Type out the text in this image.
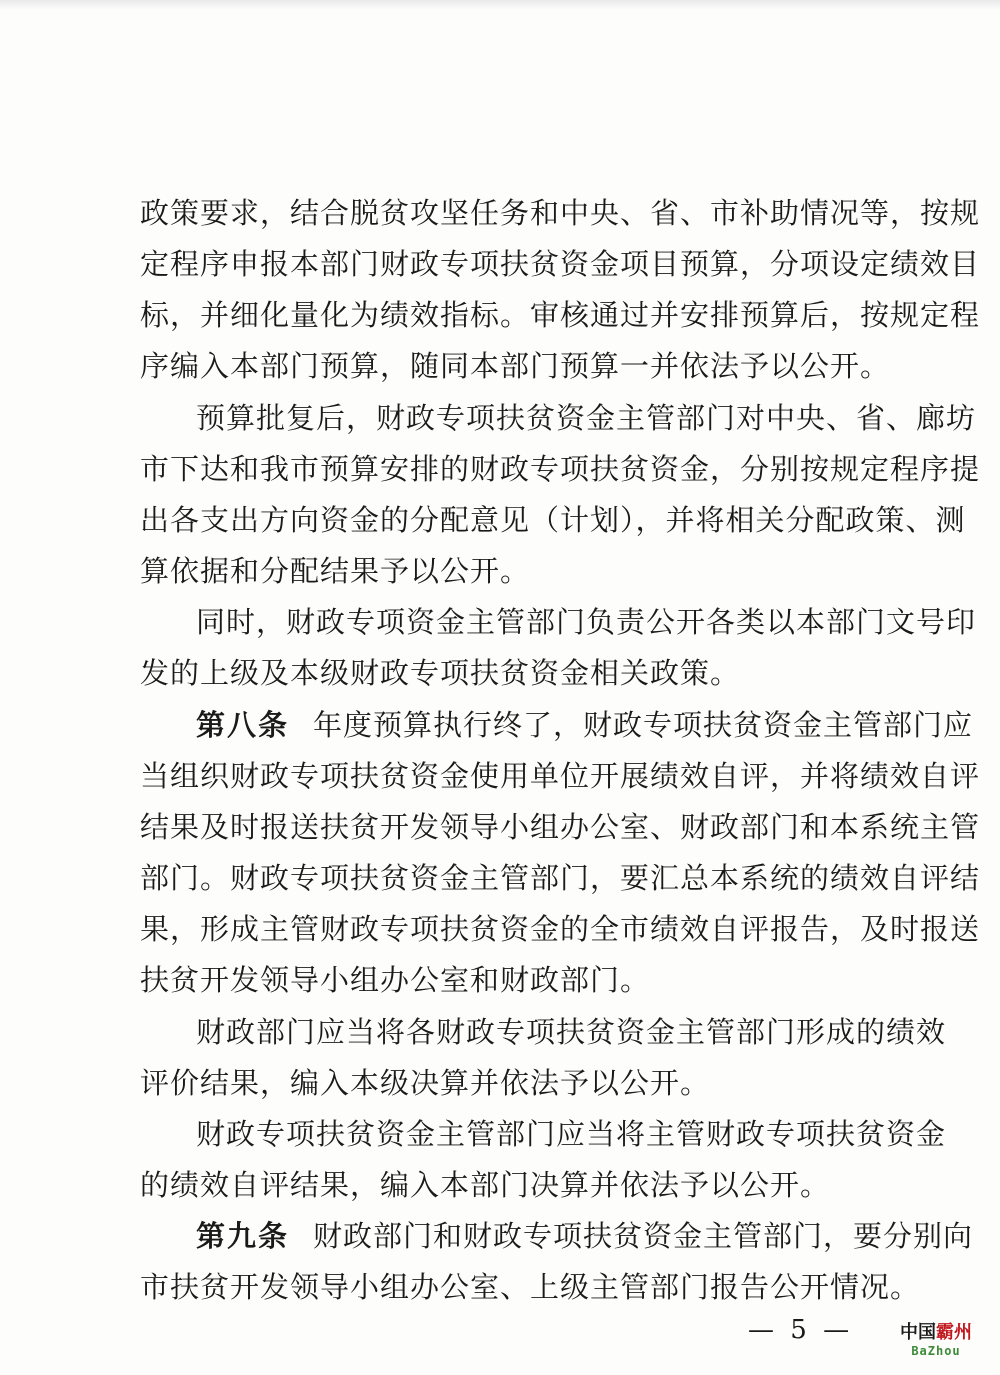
政策要求，结合脱贫攻坚任务和中央、省、市补助情况等，按规
定程序申报本部门财政专项扶贫资金项目预算，分项设定绩效目
标，并细化量化为绩效指标。审核通过并安排预算后，按规定程
序编入本部门预算，随同本部门预算一并依法予以公开。
预算批复后，财政专项扶贫资金主管部门对中央、省、廊坊
市下达和我市预算安排的财政专项扶贫资金，分别按规定程序提
出各支出方向资金的分配意见（计划），并将相关分配政策、测
算依据和分配结果予以公开。
同时，财政专项资金主管部门负责公开各类以本部门文号印
发的上级及本级财政专项扶贫资金相关政策。
第八条 年度预算执行终了，财政专项扶贫资金主管部门应
当组织财政专项扶贫资金使用单位开展绩效自评，并将绩效自评
结果及时报送扶贫开发领导小组办公室、财政部门和本系统主管
部门。财政专项扶贫资金主管部门，要汇总本系统的绩效自评结
果，形成主管财政专项扶贫资金的全市绩效自评报告，及时报送
扶贫开发领导小组办公室和财政部门。
财政部门应当将各财政专项扶贫资金主管部门形成的绩效
评价结果，编入本级决算并依法予以公开。
财政专项扶贫资金主管部门应当将主管财政专项扶贫资金
的绩效自评结果，编入本部门决算并依法予以公开。
第九条 财政部门和财政专项扶贫资金主管部门，要分别向
市扶贫开发领导小组办公室、上级主管部门报告公开情况。
— 5 —	中国霸州
BaZhou
